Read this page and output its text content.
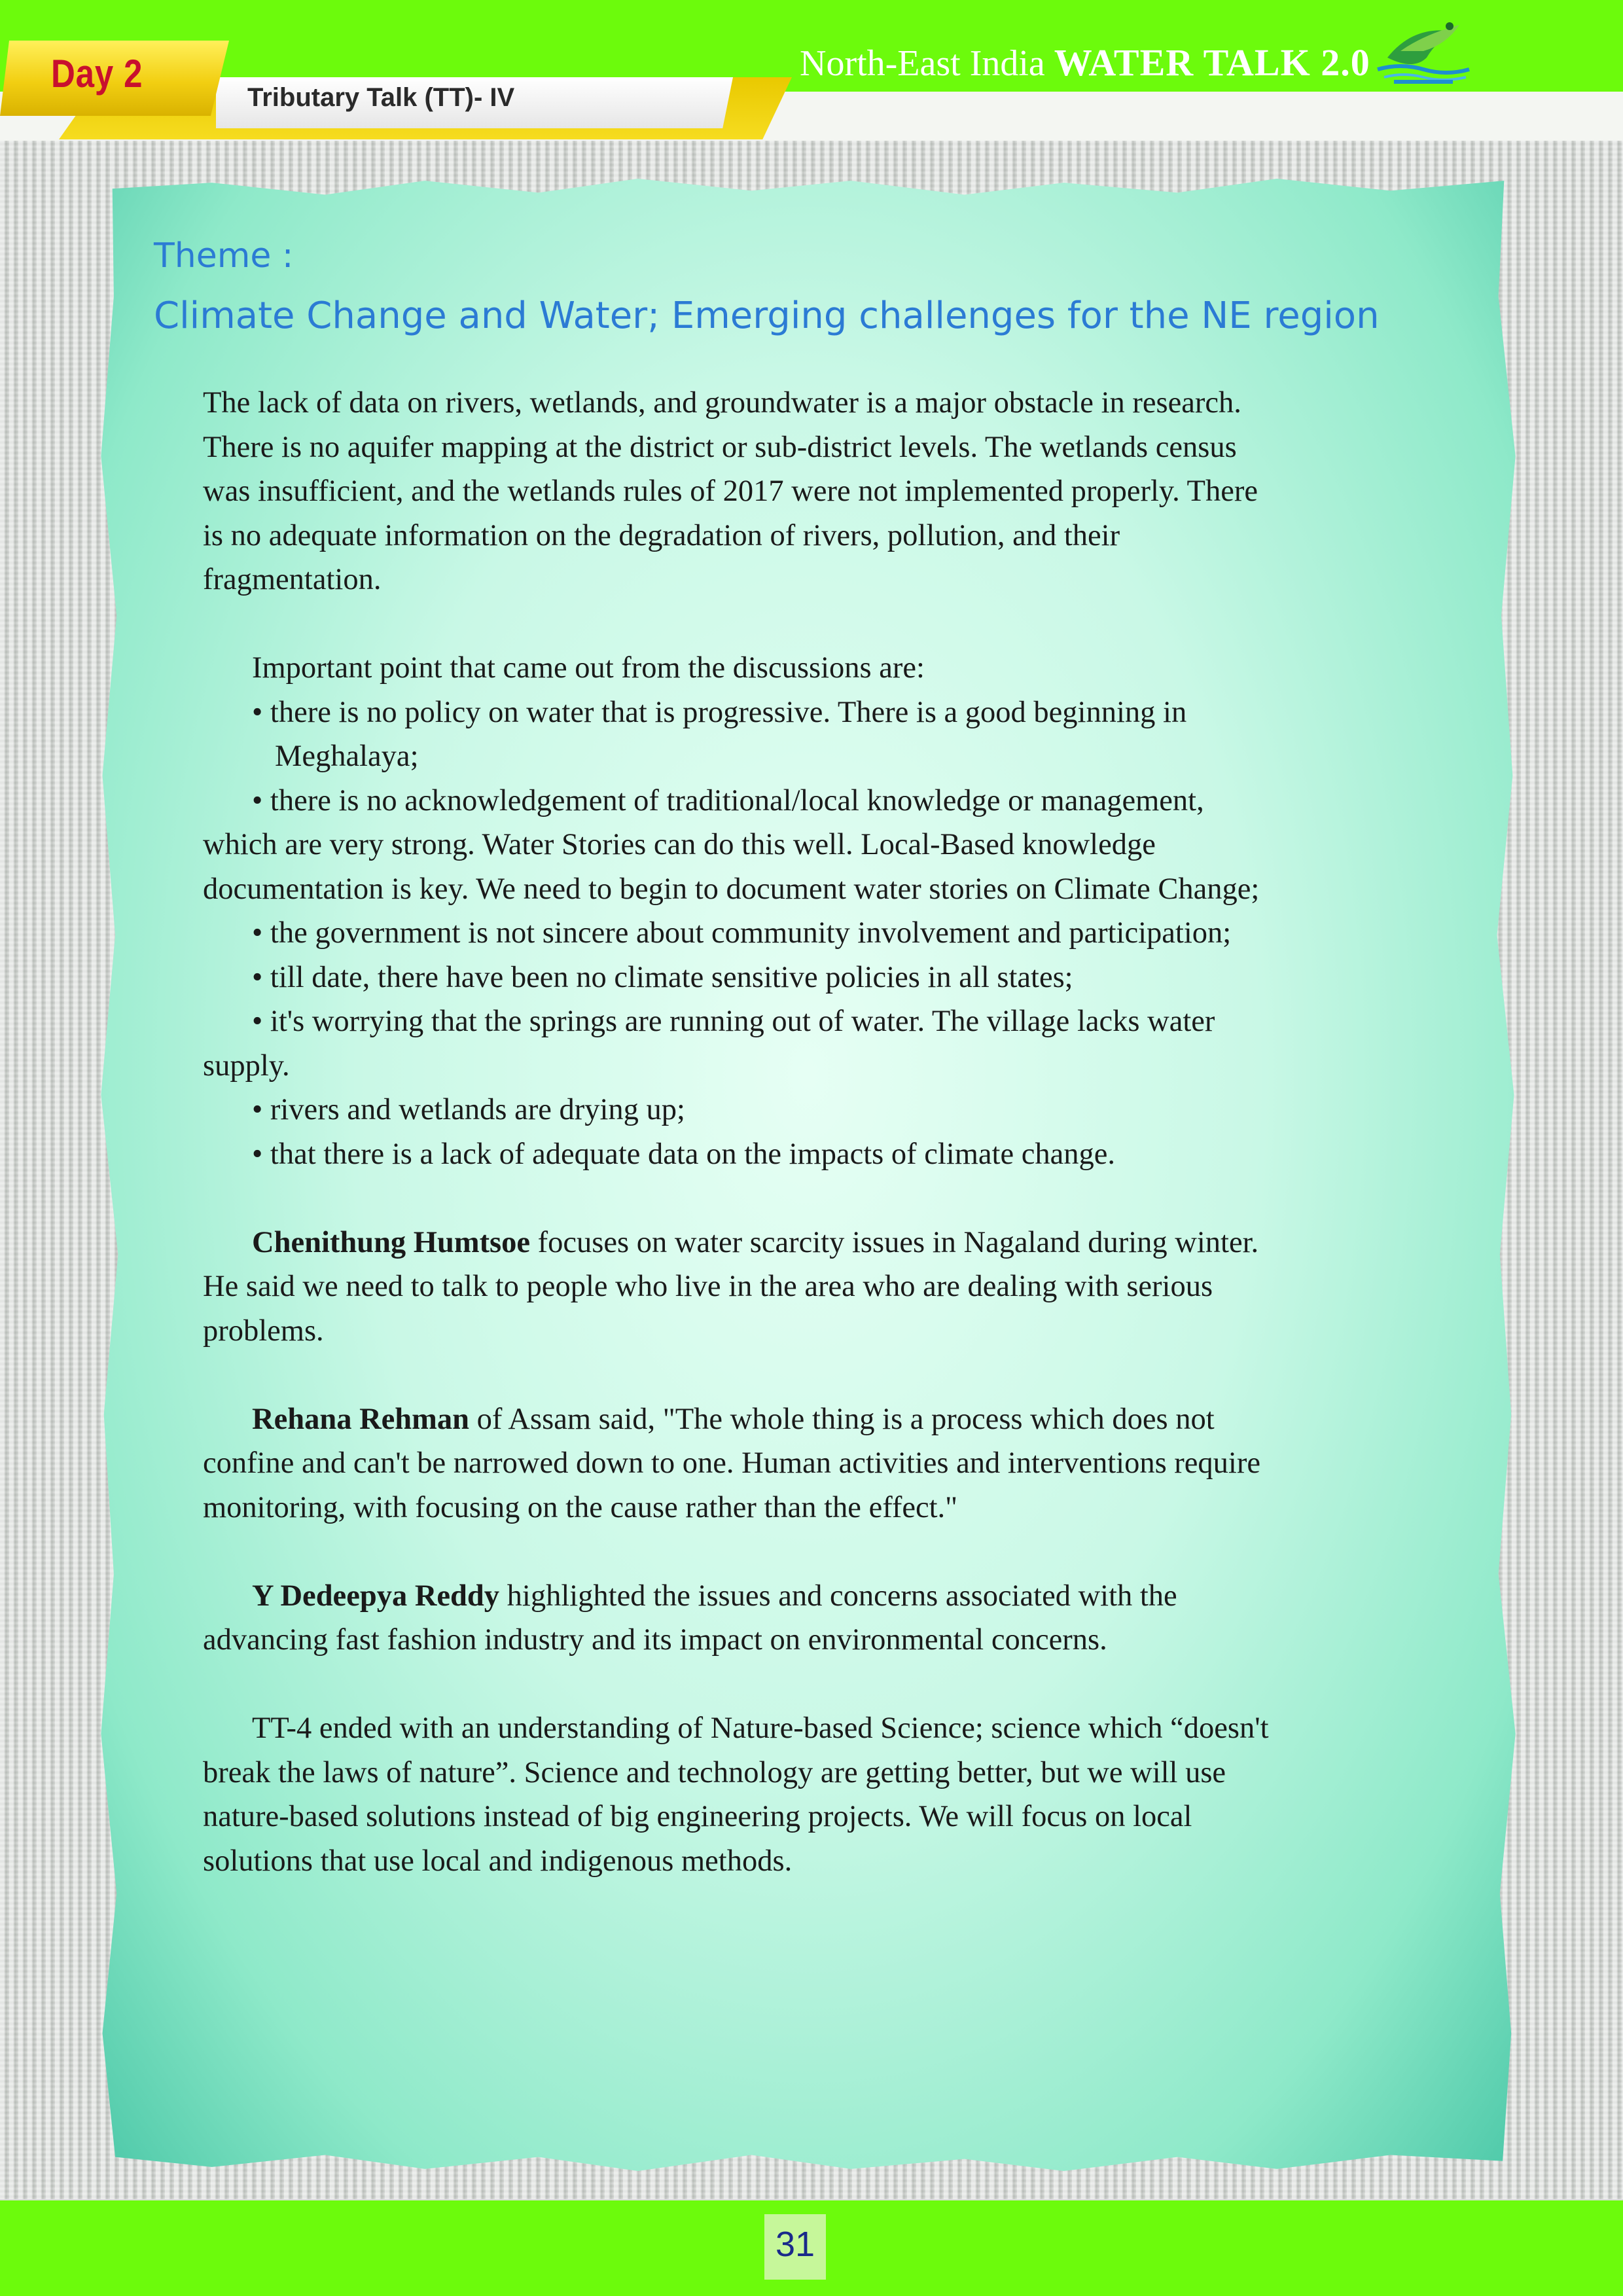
Tributary Talk (TT)- IV
Day 2	North-East India WATER TALK 2.0
Theme :
Climate Change and Water; Emerging challenges for the NE region

The lack of data on rivers, wetlands, and groundwater is a major obstacle in research.

There is no aquifer mapping at the district or sub-district levels. The wetlands census

was insufficient, and the wetlands rules of 2017 were not implemented properly. There

is no adequate information on the degradation of rivers, pollution, and their

fragmentation.

Important point that came out from the discussions are:

• there is no policy on water that is progressive. There is a good beginning in

Meghalaya;

• there is no acknowledgement of traditional/local knowledge or management,

which are very strong. Water Stories can do this well. Local-Based knowledge

documentation is key. We need to begin to document water stories on Climate Change;

• the government is not sincere about community involvement and participation;

• till date, there have been no climate sensitive policies in all states;

• it's worrying that the springs are running out of water. The village lacks water

supply.

• rivers and wetlands are drying up;

• that there is a lack of adequate data on the impacts of climate change.

Chenithung Humtsoe focuses on water scarcity issues in Nagaland during winter.

He said we need to talk to people who live in the area who are dealing with serious

problems.

Rehana Rehman of Assam said, "The whole thing is a process which does not

confine and can't be narrowed down to one. Human activities and interventions require

monitoring, with focusing on the cause rather than the effect."

Y Dedeepya Reddy highlighted the issues and concerns associated with the

advancing fast fashion industry and its impact on environmental concerns.

TT-4 ended with an understanding of Nature-based Science; science which “doesn't

break the laws of nature”. Science and technology are getting better, but we will use

nature-based solutions instead of big engineering projects. We will focus on local

solutions that use local and indigenous methods.

31
